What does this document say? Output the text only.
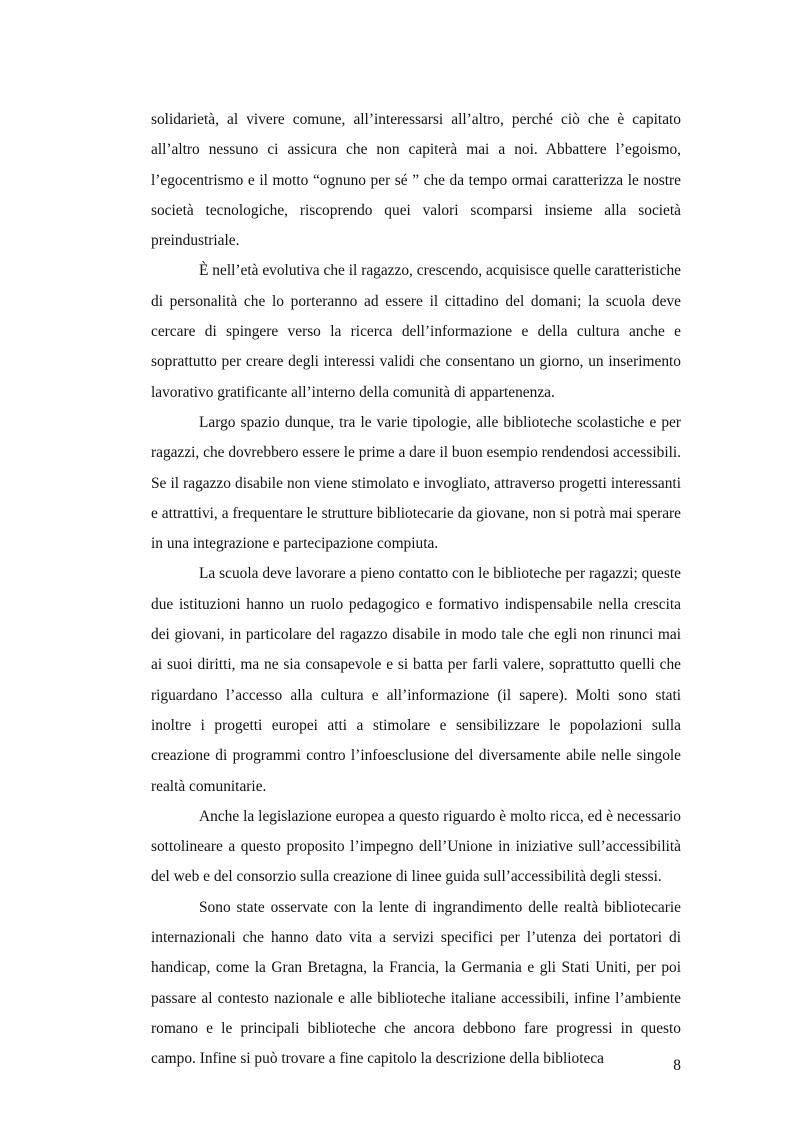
solidarietà, al vivere comune, all’interessarsi all’altro, perché ciò che è capitato all’altro nessuno ci assicura che non capiterà mai a noi. Abbattere l’egoismo, l’egocentrismo e il motto “ognuno per sé ” che da tempo ormai caratterizza le nostre società tecnologiche, riscoprendo quei valori scomparsi insieme alla società preindustriale.

È nell’età evolutiva che il ragazzo, crescendo, acquisisce quelle caratteristiche di personalità che lo porteranno ad essere il cittadino del domani; la scuola deve cercare di spingere verso la ricerca dell’informazione e della cultura anche e soprattutto per creare degli interessi validi che consentano un giorno, un inserimento lavorativo gratificante all’interno della comunità di appartenenza.

Largo spazio dunque, tra le varie tipologie, alle biblioteche scolastiche e per ragazzi, che dovrebbero essere le prime a dare il buon esempio rendendosi accessibili. Se il ragazzo disabile non viene stimolato e invogliato, attraverso progetti interessanti e attrattivi, a frequentare le strutture bibliotecarie da giovane, non si potrà mai sperare in una integrazione e partecipazione compiuta.

La scuola deve lavorare a pieno contatto con le biblioteche per ragazzi; queste due istituzioni hanno un ruolo pedagogico e formativo indispensabile nella crescita dei giovani, in particolare del ragazzo disabile in modo tale che egli non rinunci mai ai suoi diritti, ma ne sia consapevole e si batta per farli valere, soprattutto quelli che riguardano l’accesso alla cultura e all’informazione (il sapere). Molti sono stati inoltre i progetti europei atti a stimolare e sensibilizzare le popolazioni sulla creazione di programmi contro l’infoesclusione del diversamente abile nelle singole realtà comunitarie.

Anche la legislazione europea a questo riguardo è molto ricca, ed è necessario sottolineare a questo proposito l’impegno dell’Unione in iniziative sull’accessibilità del web e del consorzio sulla creazione di linee guida sull’accessibilità degli stessi.

Sono state osservate con la lente di ingrandimento delle realtà bibliotecarie internazionali che hanno dato vita a servizi specifici per l’utenza dei portatori di handicap, come la Gran Bretagna, la Francia, la Germania e gli Stati Uniti, per poi passare al contesto nazionale e alle biblioteche italiane accessibili, infine l’ambiente romano e le principali biblioteche che ancora debbono fare progressi in questo campo. Infine si può trovare a fine capitolo la descrizione della biblioteca	8
